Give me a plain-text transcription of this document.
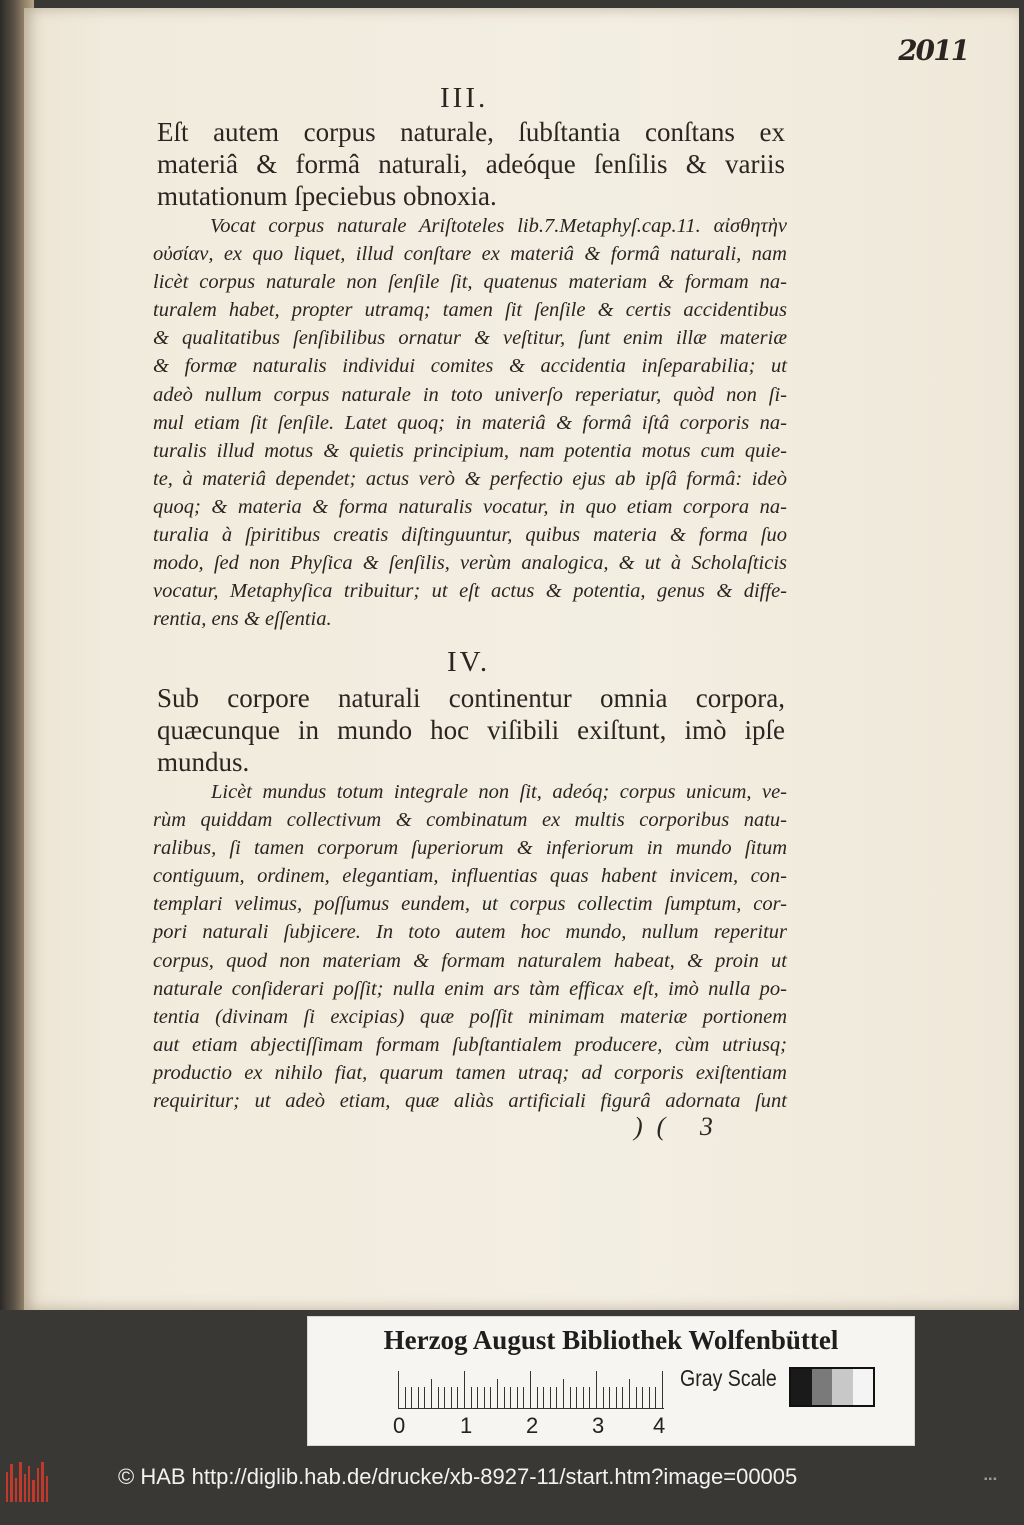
2011
III.
Eſt autem corpus naturale, ſubſtantia conſtans ex
materiâ & formâ naturali, adeóque ſenſilis & variis
mutationum ſpeciebus obnoxia.
Vocat corpus naturale Ariſtoteles lib.7.Metaphyſ.cap.11. αἰσθητὴν
οὐσίαν, ex quo liquet, illud conſtare ex materiâ & formâ naturali, nam
licèt corpus naturale non ſenſile ſit, quatenus materiam & formam na-
turalem habet, propter utramq; tamen ſit ſenſile & certis accidentibus
& qualitatibus ſenſibilibus ornatur & veſtitur, ſunt enim illæ materiæ
& formæ naturalis individui comites & accidentia inſeparabilia; ut
adeò nullum corpus naturale in toto univerſo reperiatur, quòd non ſi-
mul etiam ſit ſenſile. Latet quoq; in materiâ & formâ iſtâ corporis na-
turalis illud motus & quietis principium, nam potentia motus cum quie-
te, à materiâ dependet; actus verò & perfectio ejus ab ipſâ formâ: ideò
quoq; & materia & forma naturalis vocatur, in quo etiam corpora na-
turalia à ſpiritibus creatis diſtinguuntur, quibus materia & forma ſuo
modo, ſed non Phyſica & ſenſilis, verùm analogica, & ut à Scholaſticis
vocatur, Metaphyſica tribuitur; ut eſt actus & potentia, genus & diffe-
rentia, ens & eſſentia.
IV.
Sub corpore naturali continentur omnia corpora,
quæcunque in mundo hoc viſibili exiſtunt, imò ipſe
mundus.
Licèt mundus totum integrale non ſit, adeóq; corpus unicum, ve-
rùm quiddam collectivum & combinatum ex multis corporibus natu-
ralibus, ſi tamen corporum ſuperiorum & inferiorum in mundo ſitum
contiguum, ordinem, elegantiam, influentias quas habent invicem, con-
templari velimus, poſſumus eundem, ut corpus collectim ſumptum, cor-
pori naturali ſubjicere. In toto autem hoc mundo, nullum reperitur
corpus, quod non materiam & formam naturalem habeat, & proin ut
naturale conſiderari poſſit; nulla enim ars tàm efficax eſt, imò nulla po-
tentia (divinam ſi excipias) quæ poſſit minimam materiæ portionem
aut etiam abjectiſſimam formam ſubſtantialem producere, cùm utriusq;
productio ex nihilo fiat, quarum tamen utraq; ad corporis exiſtentiam
requiritur; ut adeò etiam, quæ aliàs artificiali figurâ adornata ſunt
)( 3
Herzog August Bibliothek Wolfenbüttel
0 1 2 3 4
Gray Scale
© HAB http://diglib.hab.de/drucke/xb-8927-11/start.htm?image=00005	▪▪▪
